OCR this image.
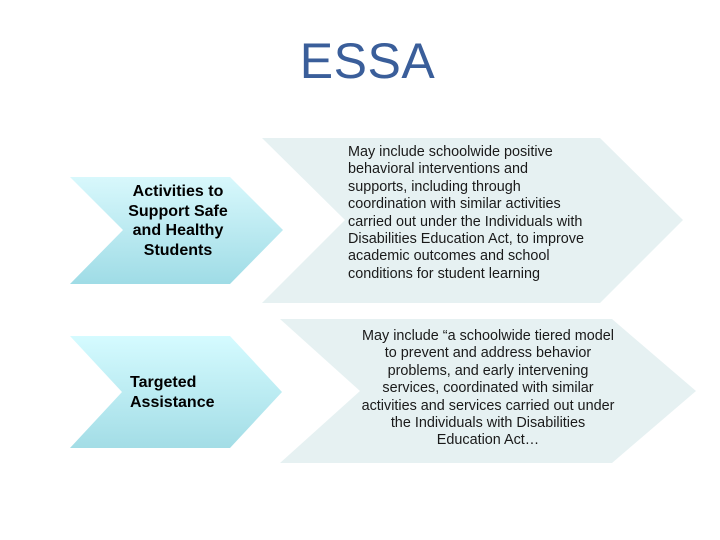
ESSA
Activities to Support Safe and Healthy Students
May include schoolwide positive behavioral interventions and supports, including through coordination with similar activities carried out under the Individuals with Disabilities Education Act, to improve academic outcomes and school conditions for student learning
Targeted Assistance
May include “a schoolwide tiered model to prevent and address behavior problems, and early intervening services, coordinated with similar activities and services carried out under the Individuals with Disabilities Education Act…
